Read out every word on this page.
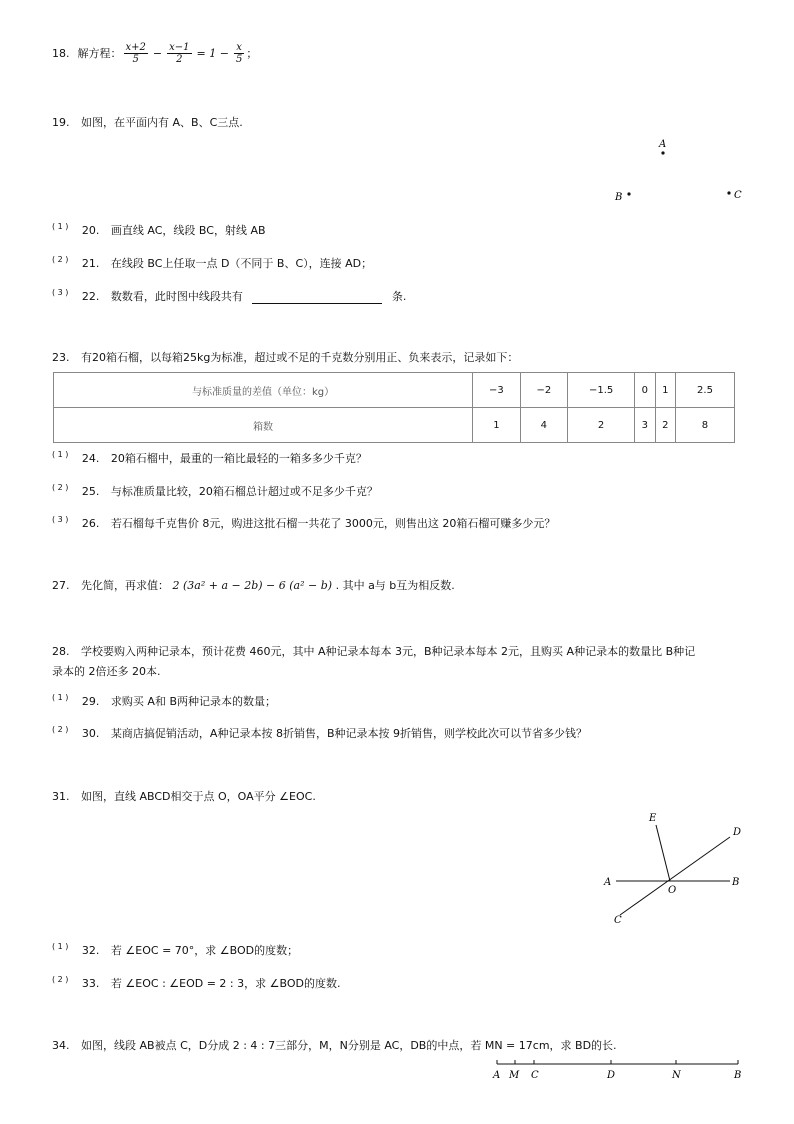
18. 解方程： $\frac{x+2}{5} - \frac{x-1}{2} = 1 - \frac{x}{5}$ ；
19. 如图，在平面内有 A、B、C三点.
A
B	C
$^{( 1 )}$ 20. 画直线 AC，线段 BC，射线 AB
$^{( 2 )}$ 21. 在线段 BC上任取一点 D（不同于 B、C），连接 AD；
$^{( 3 )}$ 22. 数数看，此时图中线段共有	条.
23. 有20箱石榴，以每箱25kg为标准，超过或不足的千克数分别用正、负来表示，记录如下：
与标准质量的差值（单位：kg）	−3	−2	−1.5	0	1	2.5
箱数	1	4	2	3	2	8
$^{( 1 )}$ 24. 20箱石榴中，最重的一箱比最轻的一箱多多少千克？
$^{( 2 )}$ 25. 与标准质量比较，20箱石榴总计超过或不足多少千克？
$^{( 3 )}$ 26. 若石榴每千克售价 8元，购进这批石榴一共花了 3000元，则售出这 20箱石榴可赚多少元？
27. 先化简，再求值： 2 (3a² + a − 2b) − 6 (a² − b) . 其中 a与 b互为相反数.
28. 学校要购入两种记录本，预计花费 460元，其中 A种记录本每本 3元，B种记录本每本 2元，且购买 A种记录本的数量比 B种记
录本的 2倍还多 20本.
$^{( 1 )}$ 29. 求购买 A和 B两种记录本的数量；
$^{( 2 )}$ 30. 某商店搞促销活动，A种记录本按 8折销售，B种记录本按 9折销售，则学校此次可以节省多少钱？
31. 如图，直线 ABCD相交于点 O，OA平分 ∠EOC.
E
D
A
O
B
C
$^{( 1 )}$ 32. 若 ∠EOC = 70°，求 ∠BOD的度数；
$^{( 2 )}$ 33. 若 ∠EOC : ∠EOD = 2 : 3，求 ∠BOD的度数.
34. 如图，线段 AB被点 C，D分成 2 : 4 : 7三部分，M，N分别是 AC，DB的中点，若 MN = 17cm，求 BD的长.
A M C	D	N	B
